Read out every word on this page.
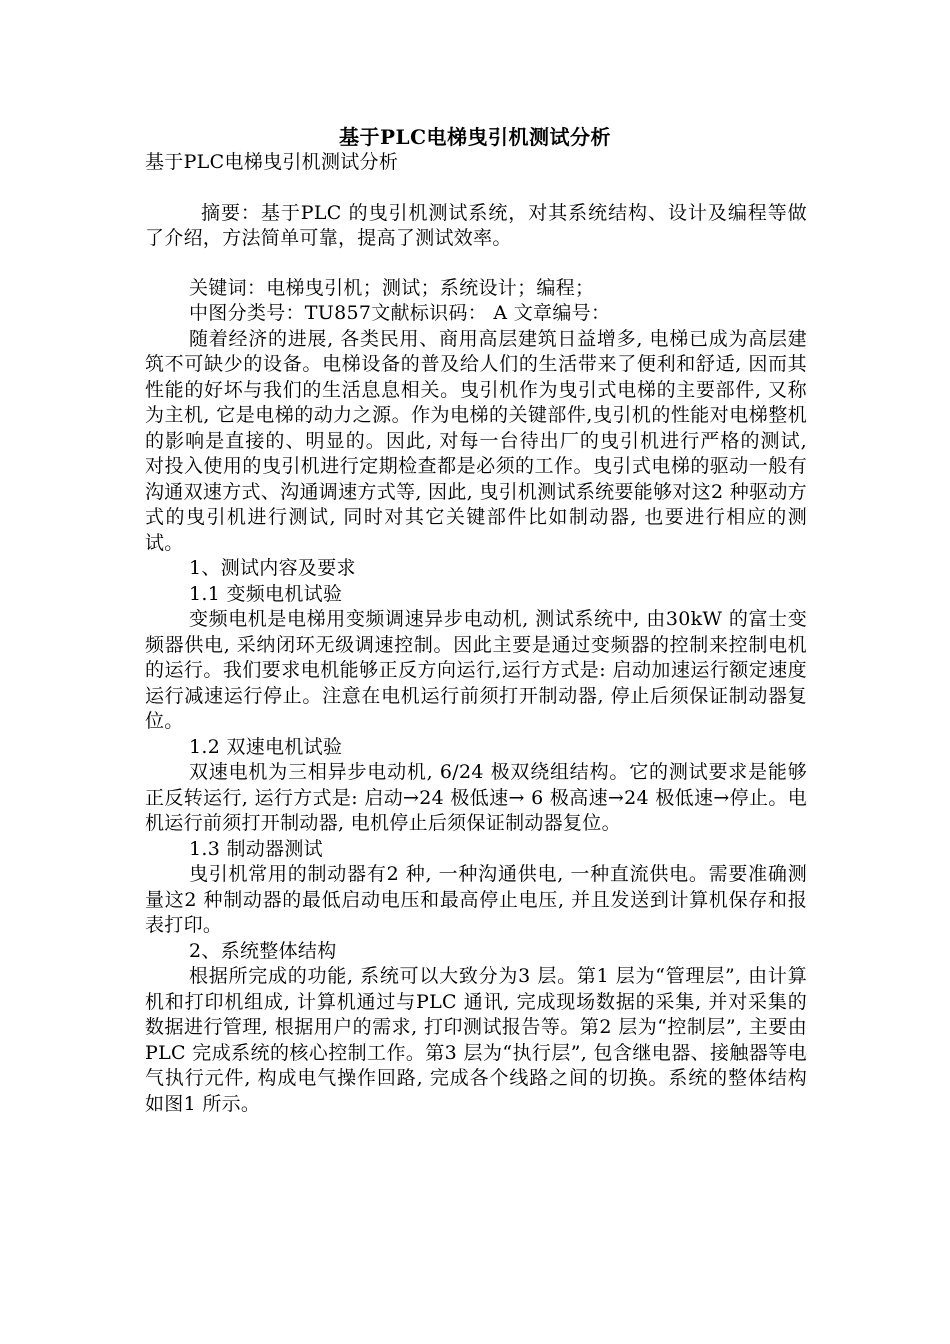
基于PLC电梯曳引机测试分析

基于PLC电梯曳引机测试分析

摘要：基于PLC 的曳引机测试系统，对其系统结构、设计及编程等做了介绍，方法简单可靠，提高了测试效率。

关键词：电梯曳引机；测试；系统设计；编程；

中图分类号：TU857文献标识码： A 文章编号：

随着经济的进展, 各类民用、商用高层建筑日益增多, 电梯已成为高层建筑不可缺少的设备。电梯设备的普及给人们的生活带来了便利和舒适, 因而其性能的好坏与我们的生活息息相关。曳引机作为曳引式电梯的主要部件, 又称为主机, 它是电梯的动力之源。作为电梯的关键部件,曳引机的性能对电梯整机的影响是直接的、明显的。因此, 对每一台待出厂的曳引机进行严格的测试, 对投入使用的曳引机进行定期检查都是必须的工作。曳引式电梯的驱动一般有沟通双速方式、沟通调速方式等, 因此, 曳引机测试系统要能够对这2 种驱动方式的曳引机进行测试, 同时对其它关键部件比如制动器, 也要进行相应的测试。

1、测试内容及要求

1.1 变频电机试验

变频电机是电梯用变频调速异步电动机, 测试系统中, 由30kW 的富士变频器供电, 采纳闭环无级调速控制。因此主要是通过变频器的控制来控制电机的运行。我们要求电机能够正反方向运行,运行方式是: 启动加速运行额定速度运行减速运行停止。注意在电机运行前须打开制动器, 停止后须保证制动器复位。

1.2 双速电机试验

双速电机为三相异步电动机, 6/24 极双绕组结构。它的测试要求是能够正反转运行, 运行方式是: 启动→24 极低速→ 6 极高速→24 极低速→停止。电机运行前须打开制动器, 电机停止后须保证制动器复位。

1.3 制动器测试

曳引机常用的制动器有2 种, 一种沟通供电, 一种直流供电。需要准确测量这2 种制动器的最低启动电压和最高停止电压, 并且发送到计算机保存和报表打印。

2、系统整体结构

根据所完成的功能, 系统可以大致分为3 层。第1 层为“管理层”, 由计算机和打印机组成, 计算机通过与PLC 通讯, 完成现场数据的采集, 并对采集的数据进行管理, 根据用户的需求, 打印测试报告等。第2 层为“控制层”, 主要由PLC 完成系统的核心控制工作。第3 层为“执行层”, 包含继电器、接触器等电气执行元件, 构成电气操作回路, 完成各个线路之间的切换。系统的整体结构如图1 所示。
